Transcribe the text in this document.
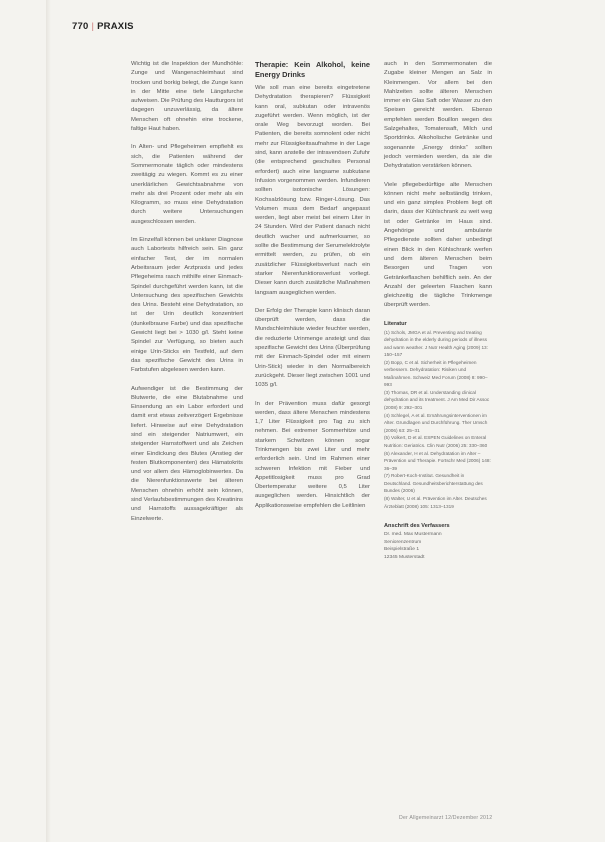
770 | PRAXIS

Wichtig ist die Inspektion der Mundhöhle: Zunge und Wangenschleimhaut sind trocken und borkig belegt, die Zunge kann in der Mitte eine tiefe Längsfurche aufweisen. Die Prüfung des Hautturgors ist dagegen unzuverlässig, da ältere Menschen oft ohnehin eine trockene, faltige Haut haben.

In Alten- und Pflegeheimen empfiehlt es sich, die Patienten während der Sommermonate täglich oder mindestens zweitägig zu wiegen. Kommt es zu einer unerklärlichen Gewichtsabnahme von mehr als drei Prozent oder mehr als ein Kilogramm, so muss eine Dehydratation durch weitere Untersuchungen ausgeschlossen werden.

Im Einzelfall können bei unklarer Diagnose auch Labortests hilfreich sein. Ein ganz einfacher Test, der im normalen Arbeitsraum jeder Arztpraxis und jedes Pflegeheims rasch mithilfe einer Einmach-Spindel durchgeführt werden kann, ist die Untersuchung des spezifischen Gewichts des Urins. Besteht eine Dehydratation, so ist der Urin deutlich konzentriert (dunkelbraune Farbe) und das spezifische Gewicht liegt bei > 1030 g/l. Steht keine Spindel zur Verfügung, so bieten auch einige Urin-Sticks ein Testfeld, auf dem das spezifische Gewicht des Urins in Farbstufen abgelesen werden kann.

Aufwendiger ist die Bestimmung der Blutwerte, die eine Blutabnahme und Einsendung an ein Labor erfordert und damit erst etwas zeitverzögert Ergebnisse liefert. Hinweise auf eine Dehydratation sind ein steigender Natriumwert, ein steigender Harnstoffwert und als Zeichen einer Eindickung des Blutes (Anstieg der festen Blutkomponenten) des Hämatokrits und vor allem des Hämoglobinwertes. Da die Nierenfunktionswerte bei älteren Menschen ohnehin erhöht sein können, sind Verlaufsbestimmungen des Kreatinins und Harnstoffs aussagekräftiger als Einzelwerte.

Therapie: Kein Alkohol, keine Energy Drinks

Wie soll man eine bereits eingetretene Dehydratation therapieren? Flüssigkeit kann oral, subkutan oder intravenös zugeführt werden. Wenn möglich, ist der orale Weg bevorzugt worden. Bei Patienten, die bereits somnolent oder nicht mehr zur Flüssigkeitsaufnahme in der Lage sind, kann anstelle der intravenösen Zufuhr (die entsprechend geschultes Personal erfordert) auch eine langsame subkutane Infusion vorgenommen werden. Infundieren sollten isotonische Lösungen: Kochsalzlösung bzw. Ringer-Lösung. Das Volumen muss dem Bedarf angepasst werden, liegt aber meist bei einem Liter in 24 Stunden. Wird der Patient danach nicht deutlich wacher und aufmerksamer, so sollte die Bestimmung der Serumelektrolyte ermittelt werden, zu prüfen, ob ein zusätzlicher Flüssigkeitsverlust nach ein starker Nierenfunktionsverlust vorliegt. Dieser kann durch zusätzliche Maßnahmen langsam ausgeglichen werden.

Der Erfolg der Therapie kann klinisch daran überprüft werden, dass die Mundschleimhäute wieder feuchter werden, die reduzierte Urinmenge ansteigt und das spezifische Gewicht des Urins (Überprüfung mit der Einmach-Spindel oder mit einem Urin-Stick) wieder in den Normalbereich zurückgeht. Dieser liegt zwischen 1001 und 1035 g/l.

In der Prävention muss dafür gesorgt werden, dass ältere Menschen mindestens 1,7 Liter Flüssigkeit pro Tag zu sich nehmen. Bei extremer Sommerhitze und starkem Schwitzen können sogar Trinkmengen bis zwei Liter und mehr erforderlich sein. Und im Rahmen einer schweren Infektion mit Fieber und Appetitlosigkeit muss pro Grad Übertemperatur weitere 0,5 Liter ausgeglichen werden. Hinsichtlich der Applikationsweise empfehlen die Leitlinien

auch in den Sommermonaten die Zugabe kleiner Mengen an Salz in Kleinmengen. Vor allem bei den Mahlzeiten sollte älteren Menschen immer ein Glas Saft oder Wasser zu den Speisen gereicht werden. Ebenso empfehlen werden Bouillon wegen des Salzgehaltes, Tomatensaft, Milch und Sportdrinks. Alkoholische Getränke und sogenannte „Energy drinks“ sollten jedoch vermieden werden, da sie die Dehydratation verstärken können.

Viele pflegebedürftige alte Menschen können nicht mehr selbständig trinken, und ein ganz simples Problem liegt oft darin, dass der Kühlschrank zu weit weg ist oder Getränke im Haus sind. Angehörige und ambulante Pflegedienste sollten daher unbedingt einen Blick in den Kühlschrank werfen und dem älteren Menschen beim Besorgen und Tragen von Getränkeflaschen behilflich sein. An der Anzahl der geleerten Flaschen kann gleichzeitig die tägliche Trinkmenge überprüft werden.

Literatur
(1) Schols, JMGA et al. Preventing and treating dehydration in the elderly during periods of illness and warm weather. J Nutr Health Aging (2009) 13: 150–157
(2) Bopp, C et al. Sicherheit in Pflegeheimen verbessern. Dehydratation: Risiken und Maßnahmen. Schweiz Med Forum (2008) 8: 990–993
(3) Thomas, DR et al. Understanding clinical dehydration and its treatment. J Am Med Dir Assoc (2008) 9: 292–301
(4) Schlegel, A et al. Ernährungsinterventionen im Alter. Grundlagen und Durchführung. Ther Umsch (2006) 63: 25–31
(5) Volkert, D et al. ESPEN Guidelines on Enteral Nutrition: Geriatrics. Clin Nutr (2006) 25: 330–360
(6) Alexander, H et al. Dehydratation im Alter – Prävention und Therapie. Fortschr Med (2006) 148: 36–39
(7) Robert-Koch-Institut. Gesundheit in Deutschland. Gesundheitsberichterstattung des Bundes (2006)
(8) Walter, U et al. Prävention im Alter. Deutsches Ärzteblatt (2008) 105: 1313–1319
Anschrift des Verfassers
Dr. med. Max Mustermann
Seniorenzentrum
Beispielstraße 1
12345 Musterstadt
Der Allgemeinarzt 12/Dezember 2012
